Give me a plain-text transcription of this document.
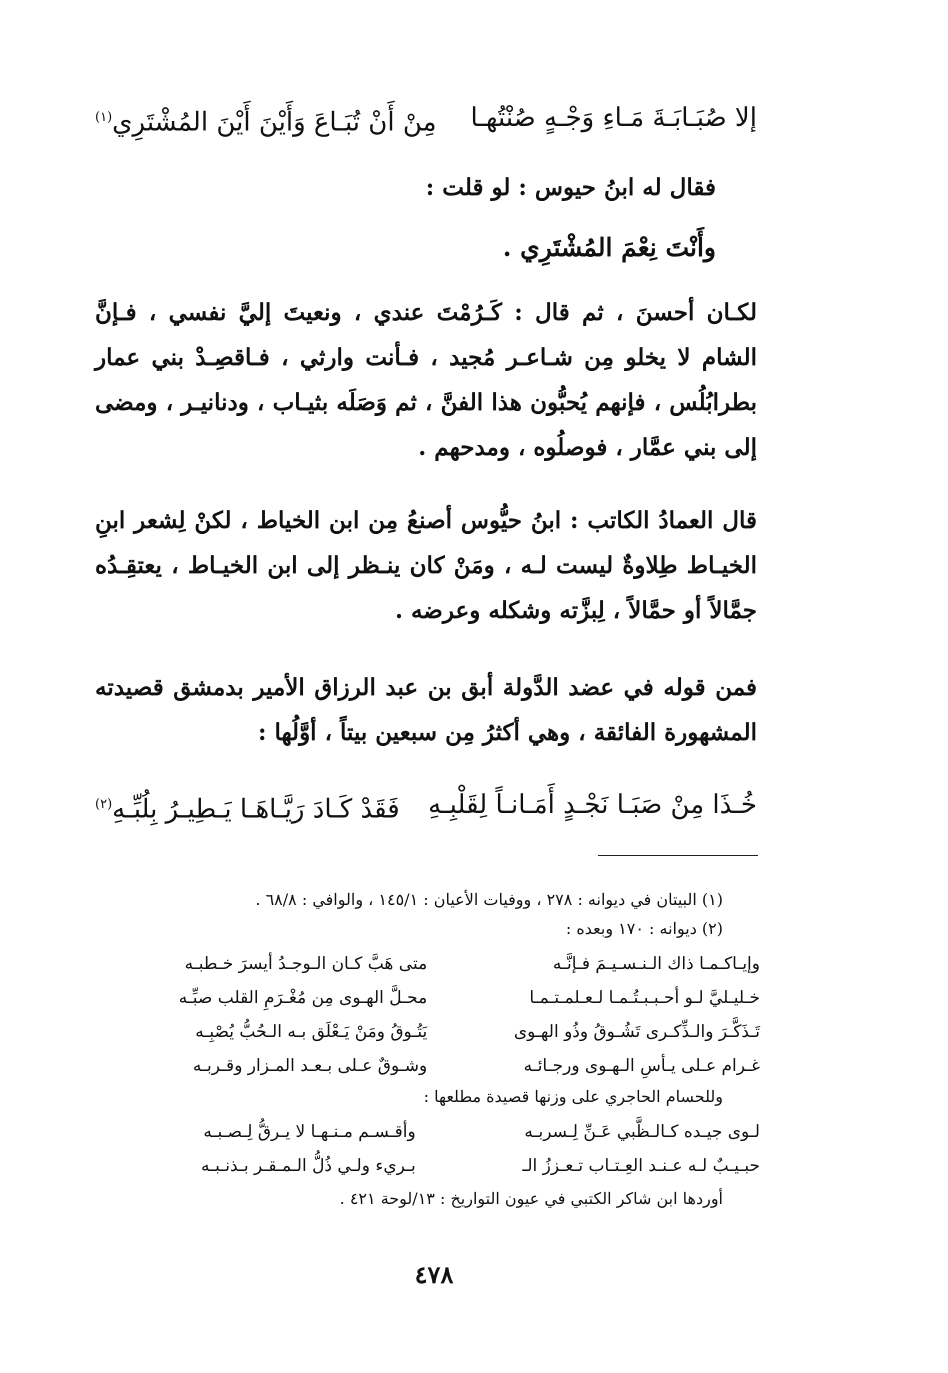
إلا صُبَـابَـةَ مَـاءِ وَجْـهٍ صُنْتُهـا
مِنْ أَنْ تُبَـاعَ وَأَيْنَ أَيْنَ المُشْتَرِي$^{(١)}$
فقال له ابنُ حيوس : لو قلت :
وأَنْتَ نِعْمَ المُشْتَرِي .
لكـان أحسنَ ، ثم قال : كَـرُمْتَ عندي ، ونعيتَ إليَّ نفسي ، فـإنَّ الشام لا يخلو مِن شـاعـر مُجيد ، فـأنت وارثي ، فـاقصِـدْ بني عمار بطرابُلُس ، فإنهم يُحبُّون هذا الفنَّ ، ثم وَصَلَه بثيـاب ، ودنانيـر ، ومضى إلى بني عمَّار ، فوصلُوه ، ومدحهم .
قال العمادُ الكاتب : ابنُ حيُّوس أصنعُ مِن ابن الخياط ، لكنْ لِشعر ابنِ الخيـاط طِلاوةٌ ليست لـه ، ومَنْ كان ينـظر إلى ابن الخيـاط ، يعتقِـدُه جمَّالاً أو حمَّالاً ، لِبزَّته وشكله وعرضه .
فمن قوله في عضد الدَّولة أبق بن عبد الرزاق الأمير بدمشق قصيدته المشهورة الفائقة ، وهي أكثرُ مِن سبعين بيتاً ، أوَّلُها :
خُـذَا مِنْ صَبَـا نَجْـدٍ أَمَـانـاً لِقَلْبِـهِ
فَقَدْ كَـادَ رَيَّـاهَـا يَـطِيـرُ بِلُبِّـهِ$^{(٢)}$
(١) البيتان في ديوانه : ٢٧٨ ، ووفيات الأعيان : ١٤٥/١ ، والوافي : ٦٨/٨ .
(٢) ديوانه : ١٧٠ وبعده :
وإيـاكـمـا ذاك الـنـسـيـمَ فـإنَّـه
متى هَبَّ كـان الـوجـدُ أيسرَ خـطبـه
خـليـليَّ لـو أحـبـبـتُـمـا لـعـلمـتـمـا
محـلَّ الهـوى مِن مُغْـرَمِ القلب صبِّـه
تَـذَكَّـرَ والـذِّكـرى تَشُـوقُ وذُو الهـوى
يَتُـوقُ ومَنْ يَـعْلَق بـه الـحُبُّ يُصْبِـه
غـرام عـلى يـأسِ الـهـوى ورجـائـه
وشـوقٌ عـلى بـعـد المـزار وقـربـه
وللحسام الحاجري على وزنها قصيدة مطلعها :
لـوى جيـده كـالـظَّبي عَـنِّ لِـسربـه
وأقـسـم مـنـهـا لا يـرقُّ لِـصـبـه
حبـيـبٌ لـه عـنـد العِـتـاب تـعـززُ الـ
بـريء ولـي ذُلُّ الـمـقـر بـذنـبـه
أوردها ابن شاكر الكتبي في عيون التواريخ : ١٣/لوحة ٤٢١ .
٤٧٨
